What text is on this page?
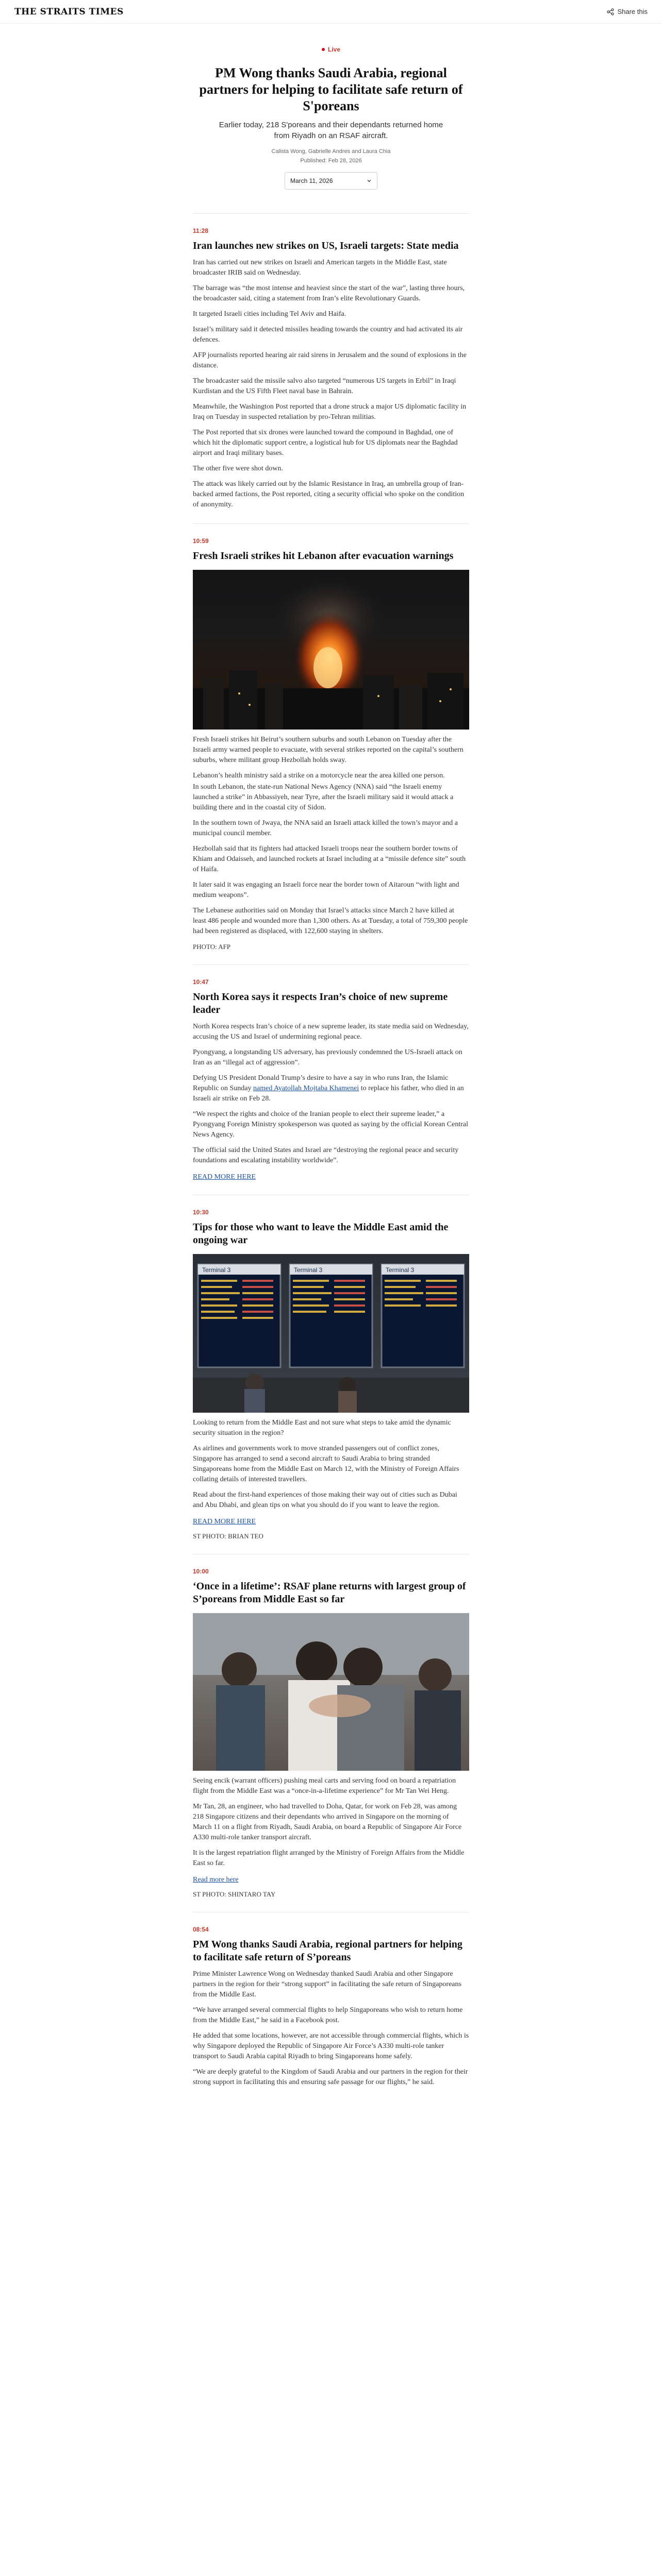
THE STRAITS TIMES	Share this
Live
PM Wong thanks Saudi Arabia, regional partners for helping to facilitate safe return of S'poreans

Earlier today, 218 S'poreans and their dependants returned home from Riyadh on an RSAF aircraft.

Calista Wong, Gabrielle Andres and Laura Chia
Published: Feb 28, 2026
March 11, 2026
11:28
Iran launches new strikes on US, Israeli targets: State media

Iran has carried out new strikes on Israeli and American targets in the Middle East, state broadcaster IRIB said on Wednesday.

The barrage was “the most intense and heaviest since the start of the war”, lasting three hours, the broadcaster said, citing a statement from Iran’s elite Revolutionary Guards.

It targeted Israeli cities including Tel Aviv and Haifa.

Israel’s military said it detected missiles heading towards the country and had activated its air defences.

AFP journalists reported hearing air raid sirens in Jerusalem and the sound of explosions in the distance.

The broadcaster said the missile salvo also targeted “numerous US targets in Erbil” in Iraqi Kurdistan and the US Fifth Fleet naval base in Bahrain.

Meanwhile, the Washington Post reported that a drone struck a major US diplomatic facility in Iraq on Tuesday in suspected retaliation by pro-Tehran militias.

The Post reported that six drones were launched toward the compound in Baghdad, one of which hit the diplomatic support centre, a logistical hub for US diplomats near the Baghdad airport and Iraqi military bases.

The other five were shot down.

The attack was likely carried out by the Islamic Resistance in Iraq, an umbrella group of Iran-backed armed factions, the Post reported, citing a security official who spoke on the condition of anonymity.

10:59
Fresh Israeli strikes hit Lebanon after evacuation warnings

Fresh Israeli strikes hit Beirut’s southern suburbs and south Lebanon on Tuesday after the Israeli army warned people to evacuate, with several strikes reported on the capital’s southern suburbs, where militant group Hezbollah holds sway.

Lebanon’s health ministry said a strike on a motorcycle near the area killed one person.

In south Lebanon, the state-run National News Agency (NNA) said “the Israeli enemy launched a strike” in Abbassiyeh, near Tyre, after the Israeli military said it would attack a building there and in the coastal city of Sidon.

In the southern town of Jwaya, the NNA said an Israeli attack killed the town’s mayor and a municipal council member.

Hezbollah said that its fighters had attacked Israeli troops near the southern border towns of Khiam and Odaisseh, and launched rockets at Israel including at a “missile defence site” south of Haifa.

It later said it was engaging an Israeli force near the border town of Aitaroun “with light and medium weapons”.

The Lebanese authorities said on Monday that Israel’s attacks since March 2 have killed at least 486 people and wounded more than 1,300 others. As at Tuesday, a total of 759,300 people had been registered as displaced, with 122,600 staying in shelters.

PHOTO: AFP
10:47
North Korea says it respects Iran’s choice of new supreme leader

North Korea respects Iran’s choice of a new supreme leader, its state media said on Wednesday, accusing the US and Israel of undermining regional peace.

Pyongyang, a longstanding US adversary, has previously condemned the US-Israeli attack on Iran as an “illegal act of aggression”.

Defying US President Donald Trump’s desire to have a say in who runs Iran, the Islamic Republic on Sunday named Ayatollah Mojtaba Khamenei to replace his father, who died in an Israeli air strike on Feb 28.

“We respect the rights and choice of the Iranian people to elect their supreme leader,” a Pyongyang Foreign Ministry spokesperson was quoted as saying by the official Korean Central News Agency.

The official said the United States and Israel are “destroying the regional peace and security foundations and escalating instability worldwide”.

READ MORE HERE
10:30
Tips for those who want to leave the Middle East amid the ongoing war
Terminal 3	Terminal 3	Terminal 3

Looking to return from the Middle East and not sure what steps to take amid the dynamic security situation in the region?

As airlines and governments work to move stranded passengers out of conflict zones, Singapore has arranged to send a second aircraft to Saudi Arabia to bring stranded Singaporeans home from the Middle East on March 12, with the Ministry of Foreign Affairs collating details of interested travellers.

Read about the first-hand experiences of those making their way out of cities such as Dubai and Abu Dhabi, and glean tips on what you should do if you want to leave the region.

READ MORE HERE
ST PHOTO: BRIAN TEO
10:00
‘Once in a lifetime’: RSAF plane returns with largest group of S’poreans from Middle East so far

Seeing encik (warrant officers) pushing meal carts and serving food on board a repatriation flight from the Middle East was a “once-in-a-lifetime experience” for Mr Tan Wei Heng.

Mr Tan, 28, an engineer, who had travelled to Doha, Qatar, for work on Feb 28, was among 218 Singapore citizens and their dependants who arrived in Singapore on the morning of March 11 on a flight from Riyadh, Saudi Arabia, on board a Republic of Singapore Air Force A330 multi-role tanker transport aircraft.

It is the largest repatriation flight arranged by the Ministry of Foreign Affairs from the Middle East so far.

Read more here
ST PHOTO: SHINTARO TAY
08:54
PM Wong thanks Saudi Arabia, regional partners for helping to facilitate safe return of S’poreans

Prime Minister Lawrence Wong on Wednesday thanked Saudi Arabia and other Singapore partners in the region for their “strong support” in facilitating the safe return of Singaporeans from the Middle East.

“We have arranged several commercial flights to help Singaporeans who wish to return home from the Middle East,” he said in a Facebook post.

He added that some locations, however, are not accessible through commercial flights, which is why Singapore deployed the Republic of Singapore Air Force’s A330 multi-role tanker transport to Saudi Arabia capital Riyadh to bring Singaporeans home safely.

“We are deeply grateful to the Kingdom of Saudi Arabia and our partners in the region for their strong support in facilitating this and ensuring safe passage for our flights,” he said.
